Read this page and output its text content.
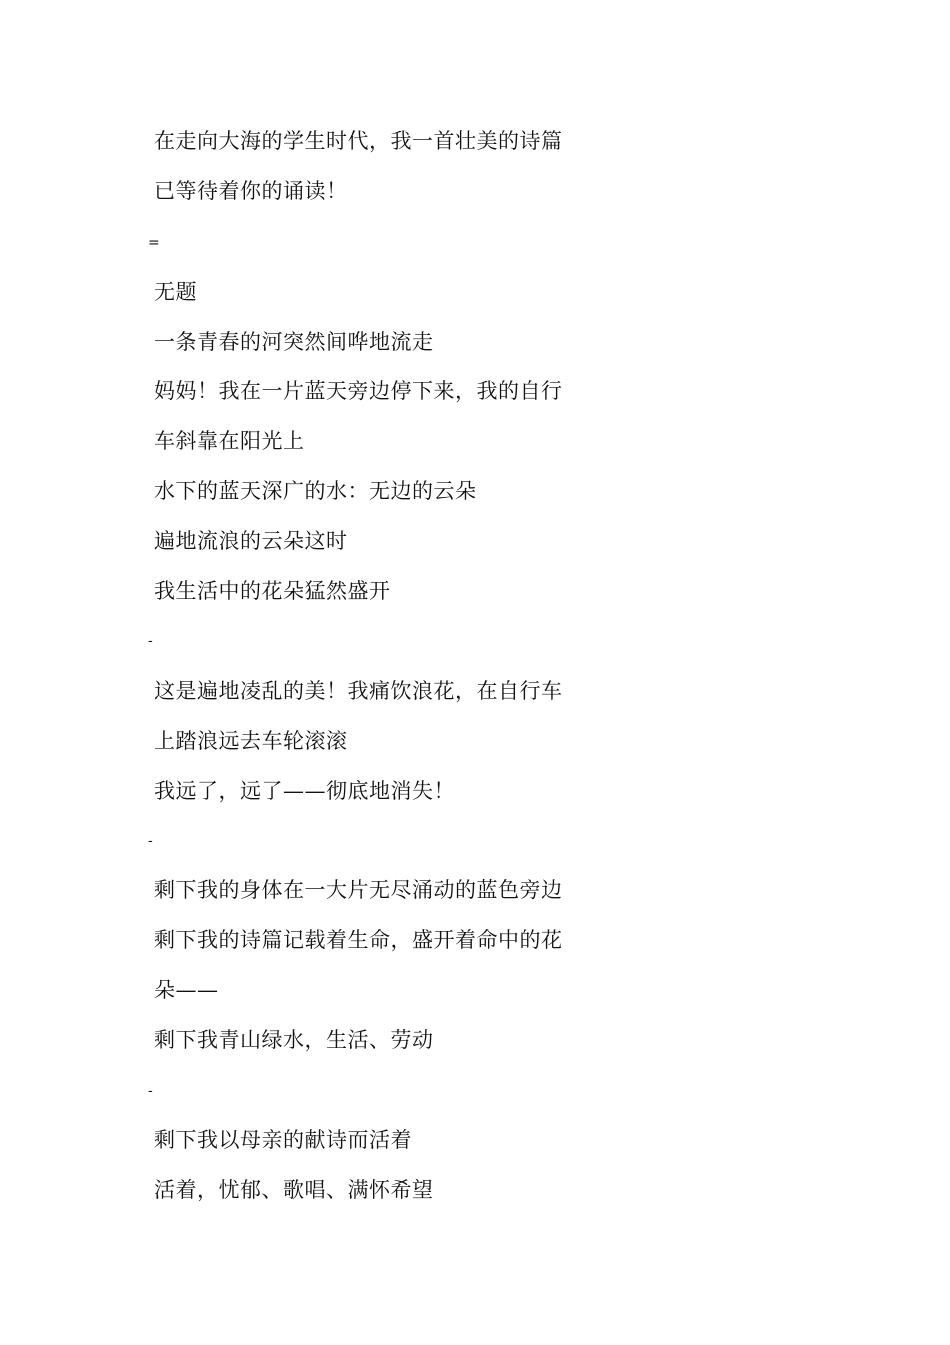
在走向大海的学生时代，我一首壮美的诗篇
已等待着你的诵读！
=
无题
一条青春的河突然间哗地流走
妈妈！我在一片蓝天旁边停下来，我的自行
车斜靠在阳光上
水下的蓝天深广的水：无边的云朵
遍地流浪的云朵这时
我生活中的花朵猛然盛开
-
这是遍地凌乱的美！我痛饮浪花，在自行车
上踏浪远去车轮滚滚
我远了，远了——彻底地消失！
-
剩下我的身体在一大片无尽涌动的蓝色旁边
剩下我的诗篇记载着生命，盛开着命中的花
朵——
剩下我青山绿水，生活、劳动
-
剩下我以母亲的献诗而活着
活着，忧郁、歌唱、满怀希望
